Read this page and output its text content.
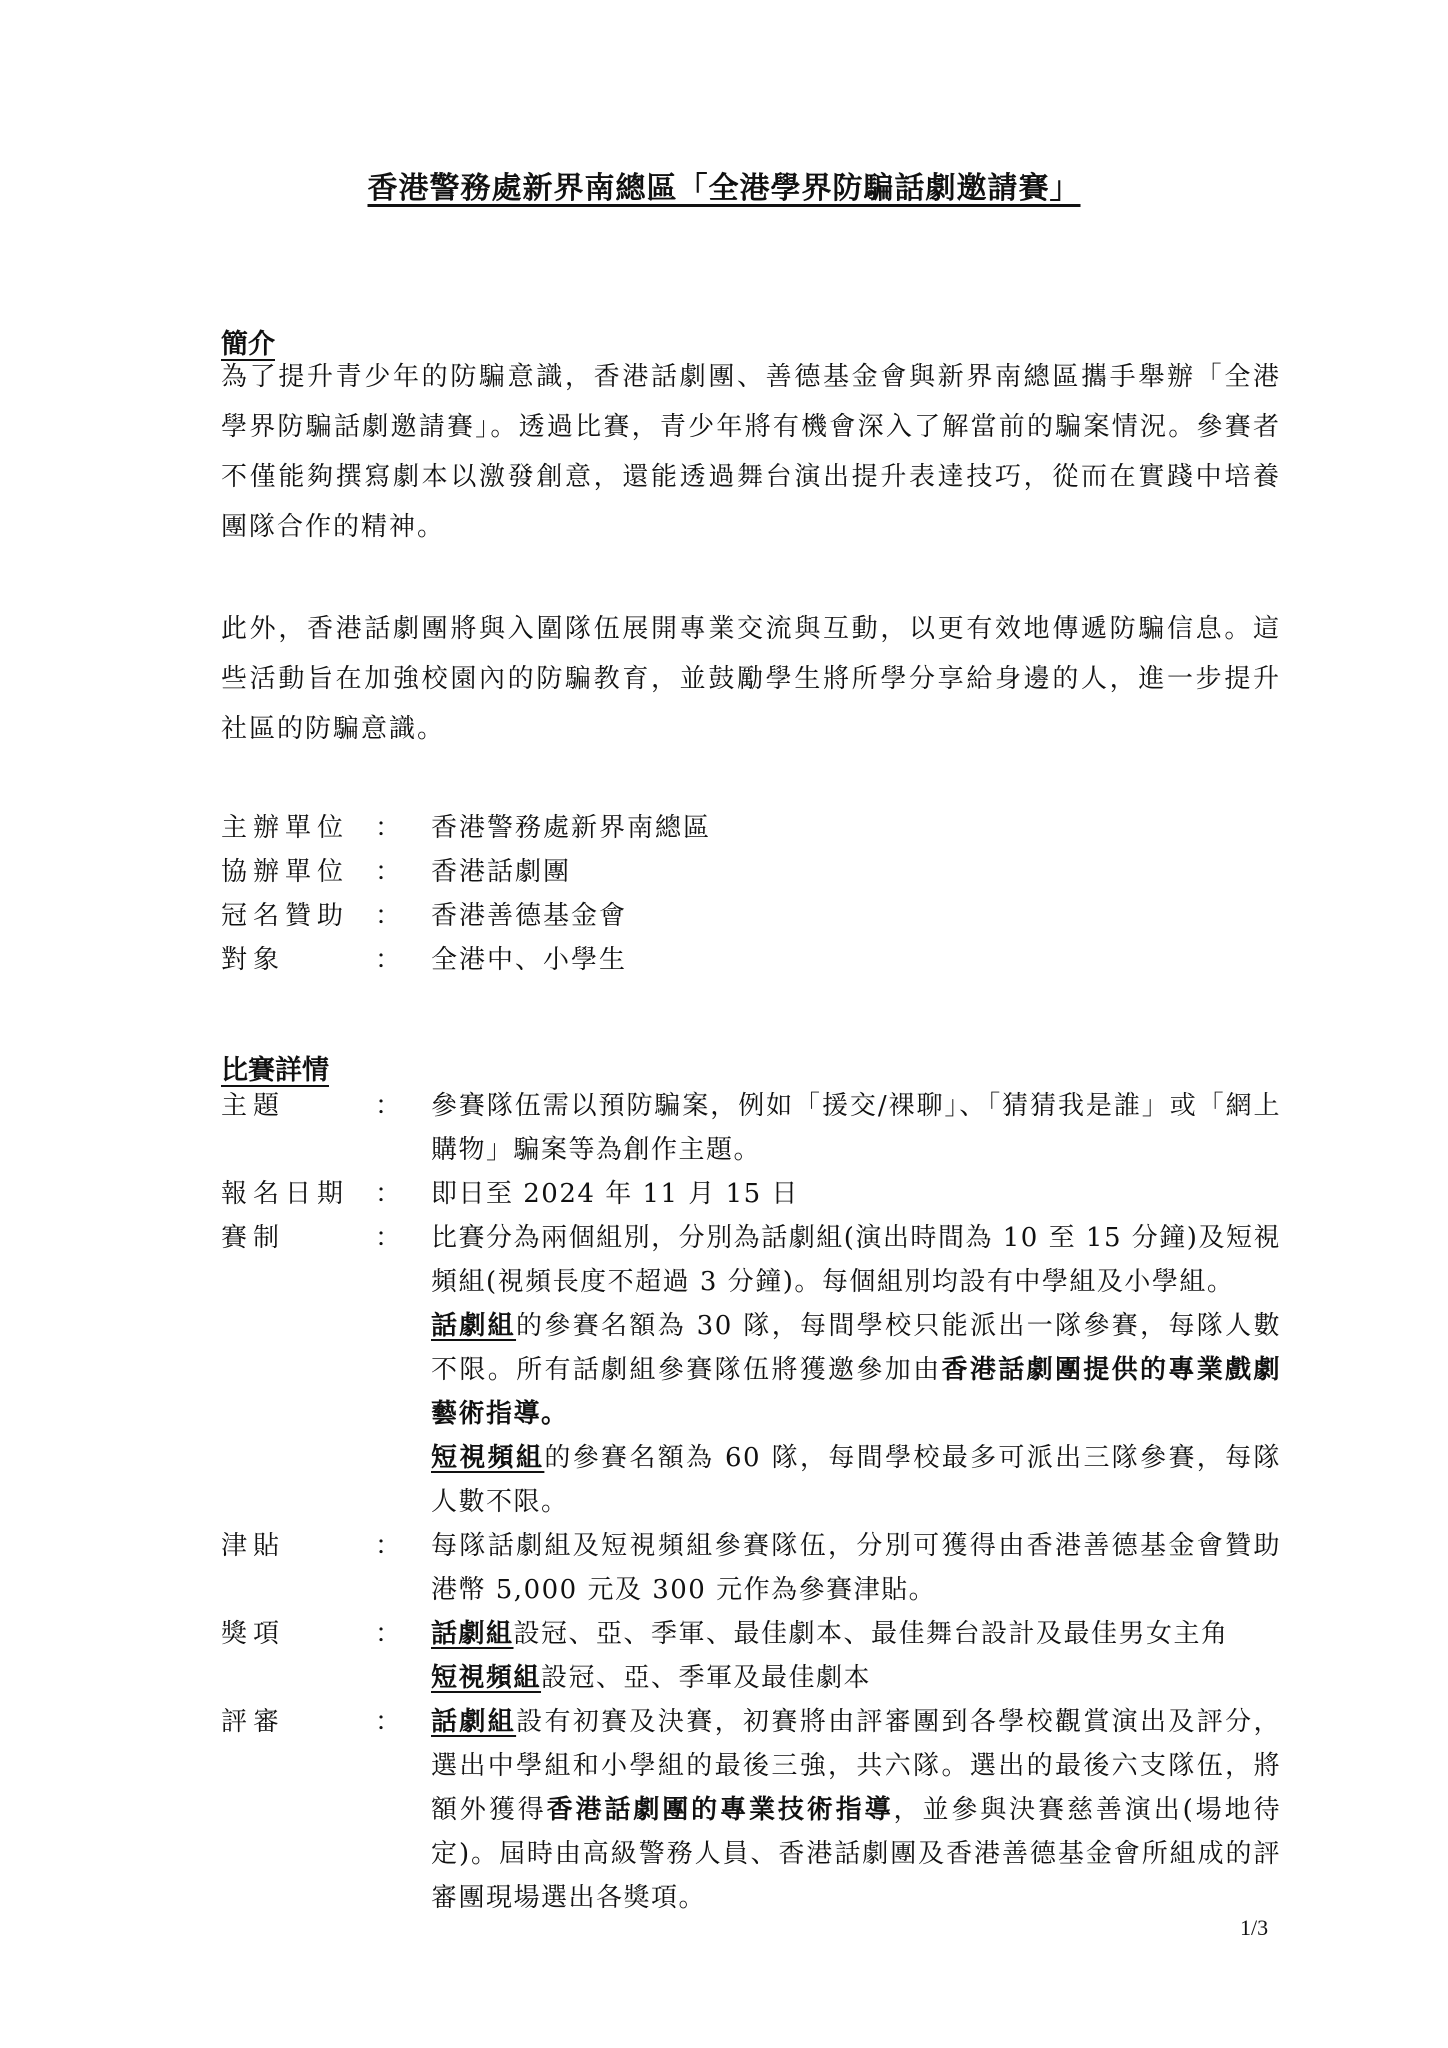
香港警務處新界南總區「全港學界防騙話劇邀請賽」
簡介

為了提升青少年的防騙意識，香港話劇團、善德基金會與新界南總區攜手舉辦「全港學界防騙話劇邀請賽」。透過比賽，青少年將有機會深入了解當前的騙案情況。參賽者不僅能夠撰寫劇本以激發創意，還能透過舞台演出提升表達技巧，從而在實踐中培養團隊合作的精神。

此外，香港話劇團將與入圍隊伍展開專業交流與互動，以更有效地傳遞防騙信息。這些活動旨在加強校園內的防騙教育，並鼓勵學生將所學分享給身邊的人，進一步提升社區的防騙意識。

主辦單位 ：	香港警務處新界南總區
協辦單位 ：	香港話劇團
冠名贊助 ：	香港善德基金會
對象	：	全港中、小學生
比賽詳情
主題	：	參賽隊伍需以預防騙案，例如「援交/裸聊」、「猜猜我是誰」或「網上購物」騙案等為創作主題。
報名日期 ：	即日至 2024 年 11 月 15 日
賽制	：	比賽分為兩個組別，分別為話劇組(演出時間為 10 至 15 分鐘)及短視頻組(視頻長度不超過 3 分鐘)。每個組別均設有中學組及小學組。

話劇組的參賽名額為 30 隊，每間學校只能派出一隊參賽，每隊人數不限。所有話劇組參賽隊伍將獲邀參加由香港話劇團提供的專業戲劇藝術指導。

短視頻組的參賽名額為 60 隊，每間學校最多可派出三隊參賽，每隊人數不限。

津貼	：	每隊話劇組及短視頻組參賽隊伍，分別可獲得由香港善德基金會贊助港幣 5,000 元及 300 元作為參賽津貼。
獎項	：	話劇組設冠、亞、季軍、最佳劇本、最佳舞台設計及最佳男女主角

短視頻組設冠、亞、季軍及最佳劇本

評審	：	話劇組設有初賽及決賽，初賽將由評審團到各學校觀賞演出及評分，選出中學組和小學組的最後三強，共六隊。選出的最後六支隊伍，將額外獲得香港話劇團的專業技術指導，並參與決賽慈善演出(場地待定)。屆時由高級警務人員、香港話劇團及香港善德基金會所組成的評審團現場選出各獎項。

1/3
